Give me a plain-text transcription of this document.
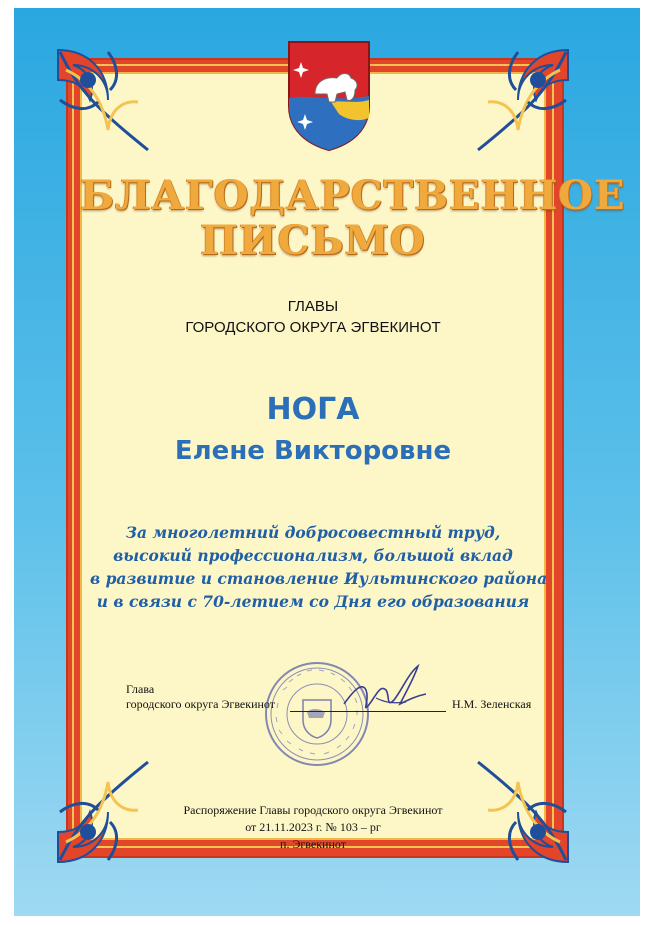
БЛАГОДАРСТВЕННОЕ
ПИСЬМО
ГЛАВЫ
ГОРОДСКОГО ОКРУГА ЭГВЕКИНОТ
НОГА
Елене Викторовне
За многолетний добросовестный труд,
высокий профессионализм, большой вклад
в развитие и становление Иультинского района
и в связи с 70-летием со Дня его образования
Глава
городского округа Эгвекинот	Н.М. Зеленская
Распоряжение Главы городского округа Эгвекинот
от 21.11.2023 г. № 103 – рг
п. Эгвекинот
